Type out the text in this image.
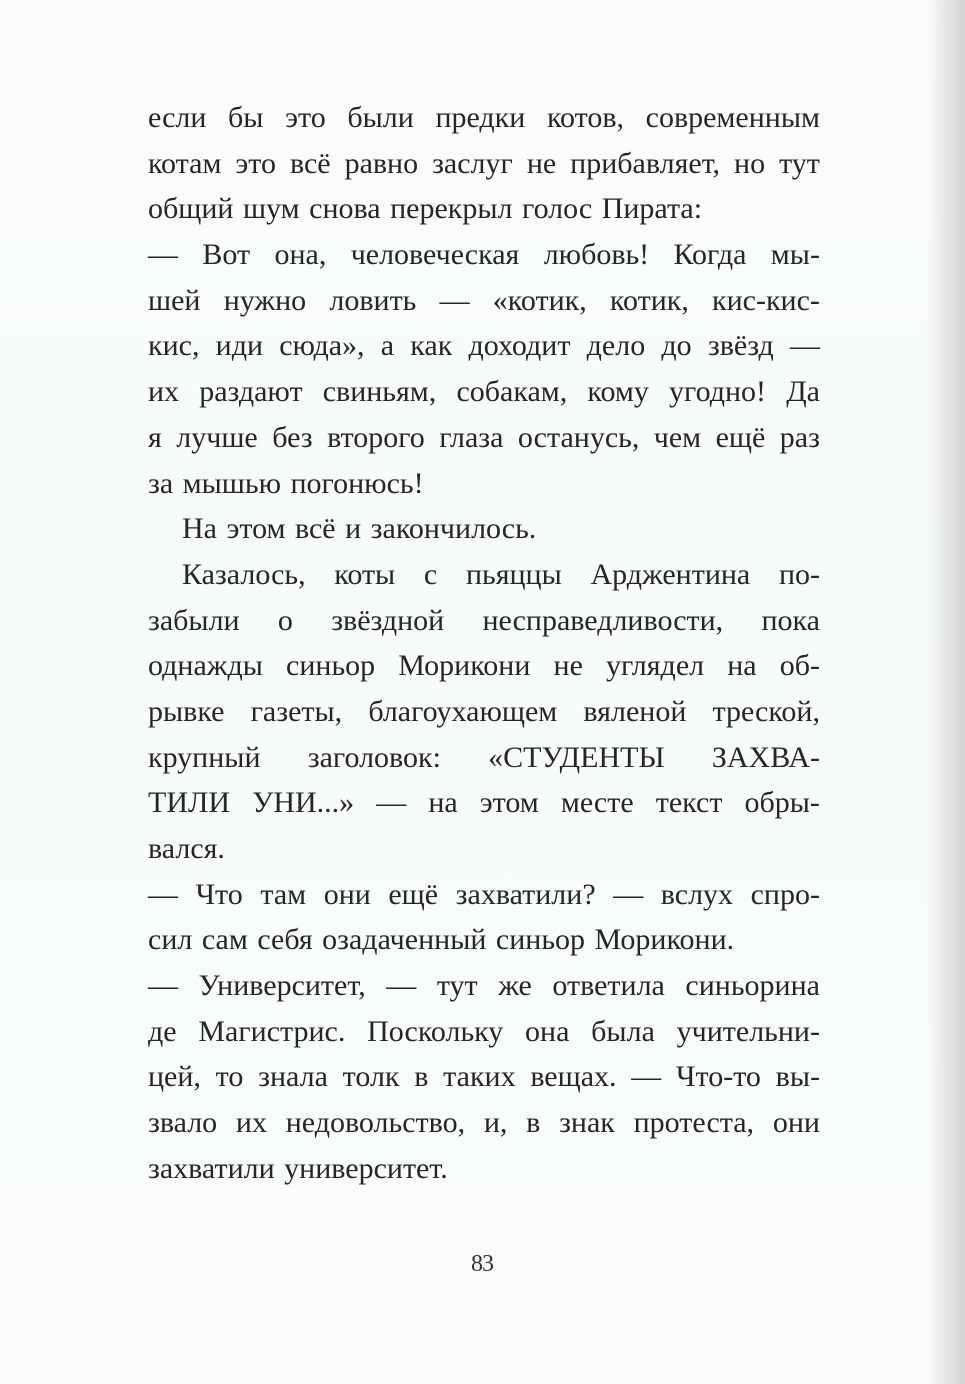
если бы это были предки котов, современным
котам это всё равно заслуг не прибавляет, но тут
общий шум снова перекрыл голос Пирата:
— Вот она, человеческая любовь! Когда мы-
шей нужно ловить — «котик, котик, кис-кис-
кис, иди сюда», а как доходит дело до звёзд —
их раздают свиньям, собакам, кому угодно! Да
я лучше без второго глаза останусь, чем ещё раз
за мышью погонюсь!
На этом всё и закончилось.
Казалось, коты с пьяццы Арджентина по-
забыли о звёздной несправедливости, пока
однажды синьор Морикони не углядел на об-
рывке газеты, благоухающем вяленой треской,
крупный заголовок: «СТУДЕНТЫ ЗАХВА-
ТИЛИ УНИ...» — на этом месте текст обры-
вался.
— Что там они ещё захватили? — вслух спро-
сил сам себя озадаченный синьор Морикони.
— Университет, — тут же ответила синьорина
де Магистрис. Поскольку она была учительни-
цей, то знала толк в таких вещах. — Что-то вы-
звало их недовольство, и, в знак протеста, они
захватили университет.
83
